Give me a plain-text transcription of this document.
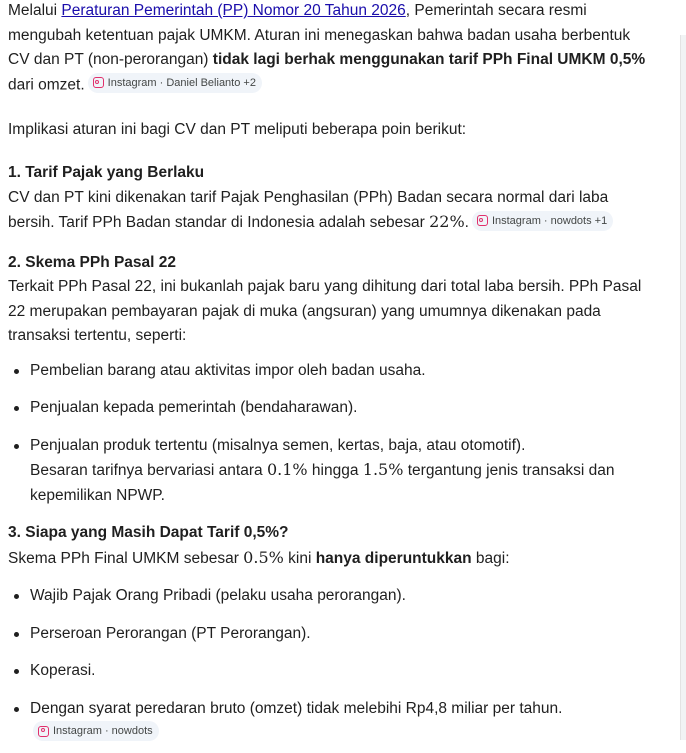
Melalui Peraturan Pemerintah (PP) Nomor 20 Tahun 2026, Pemerintah secara resmi mengubah ketentuan pajak UMKM. Aturan ini menegaskan bahwa badan usaha berbentuk CV dan PT (non-perorangan) tidak lagi berhak menggunakan tarif PPh Final UMKM 0,5% dari omzet. Instagram · Daniel Belianto +2

Implikasi aturan ini bagi CV dan PT meliputi beberapa poin berikut:

1. Tarif Pajak yang Berlaku

CV dan PT kini dikenakan tarif Pajak Penghasilan (PPh) Badan secara normal dari laba bersih. Tarif PPh Badan standar di Indonesia adalah sebesar 22%. Instagram · nowdots +1

2. Skema PPh Pasal 22

Terkait PPh Pasal 22, ini bukanlah pajak baru yang dihitung dari total laba bersih. PPh Pasal 22 merupakan pembayaran pajak di muka (angsuran) yang umumnya dikenakan pada transaksi tertentu, seperti:

Pembelian barang atau aktivitas impor oleh badan usaha.
Penjualan kepada pemerintah (bendaharawan).
Penjualan produk tertentu (misalnya semen, kertas, baja, atau otomotif).
Besaran tarifnya bervariasi antara 0.1% hingga 1.5% tergantung jenis transaksi dan kepemilikan NPWP.

3. Siapa yang Masih Dapat Tarif 0,5%?

Skema PPh Final UMKM sebesar 0.5% kini hanya diperuntukkan bagi:

Wajib Pajak Orang Pribadi (pelaku usaha perorangan).
Perseroan Perorangan (PT Perorangan).
Koperasi.
Dengan syarat peredaran bruto (omzet) tidak melebihi Rp4,8 miliar per tahun.
Instagram · nowdots
